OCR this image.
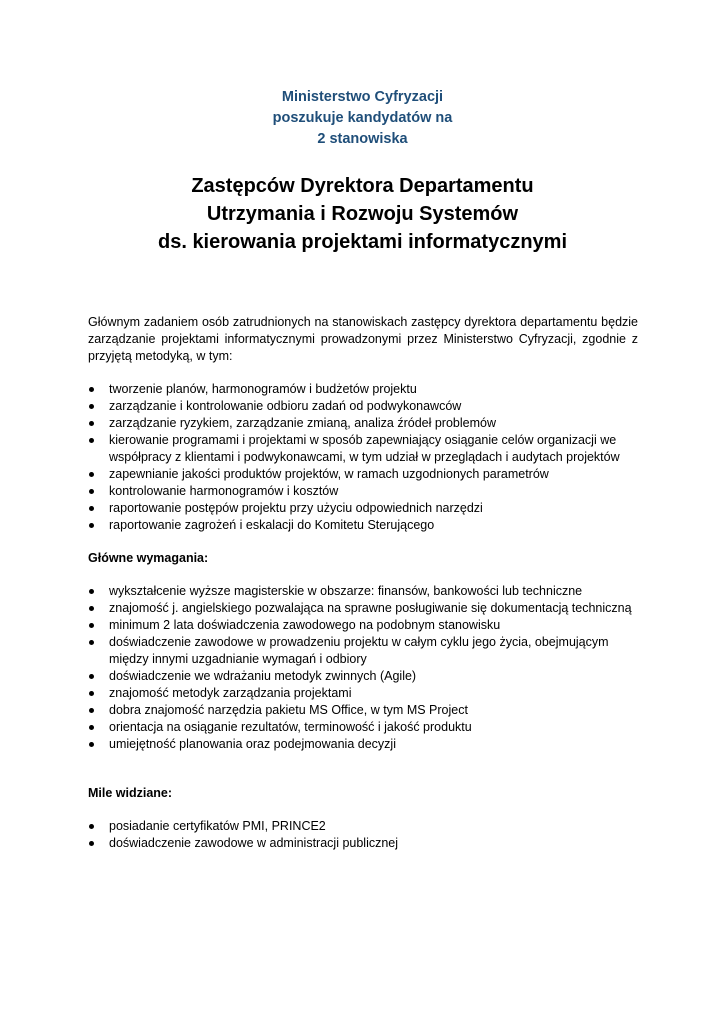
Ministerstwo Cyfryzacji
poszukuje kandydatów na
2 stanowiska
Zastępców Dyrektora Departamentu
Utrzymania i Rozwoju Systemów
ds. kierowania projektami informatycznymi

Głównym zadaniem osób zatrudnionych na stanowiskach zastępcy dyrektora departamentu będzie zarządzanie projektami informatycznymi prowadzonymi przez Ministerstwo Cyfryzacji, zgodnie z przyjętą metodyką, w tym:

tworzenie planów, harmonogramów i budżetów projektu
zarządzanie i kontrolowanie odbioru zadań od podwykonawców
zarządzanie ryzykiem, zarządzanie zmianą, analiza źródeł problemów
kierowanie programami i projektami w sposób zapewniający osiąganie celów organizacji we współpracy z klientami i podwykonawcami, w tym udział w przeglądach i audytach projektów
zapewnianie jakości produktów projektów, w ramach uzgodnionych parametrów
kontrolowanie harmonogramów i kosztów
raportowanie postępów projektu przy użyciu odpowiednich narzędzi
raportowanie zagrożeń i eskalacji do Komitetu Sterującego
Główne wymagania:
wykształcenie wyższe magisterskie w obszarze: finansów, bankowości lub techniczne
znajomość j. angielskiego pozwalająca na sprawne posługiwanie się dokumentacją techniczną
minimum 2 lata doświadczenia zawodowego na podobnym stanowisku
doświadczenie zawodowe w prowadzeniu projektu w całym cyklu jego życia, obejmującym między innymi uzgadnianie wymagań i odbiory
doświadczenie we wdrażaniu metodyk zwinnych (Agile)
znajomość metodyk zarządzania projektami
dobra znajomość narzędzia pakietu MS Office, w tym MS Project
orientacja na osiąganie rezultatów, terminowość i jakość produktu
umiejętność planowania oraz podejmowania decyzji
Mile widziane:
posiadanie certyfikatów PMI, PRINCE2
doświadczenie zawodowe w administracji publicznej
